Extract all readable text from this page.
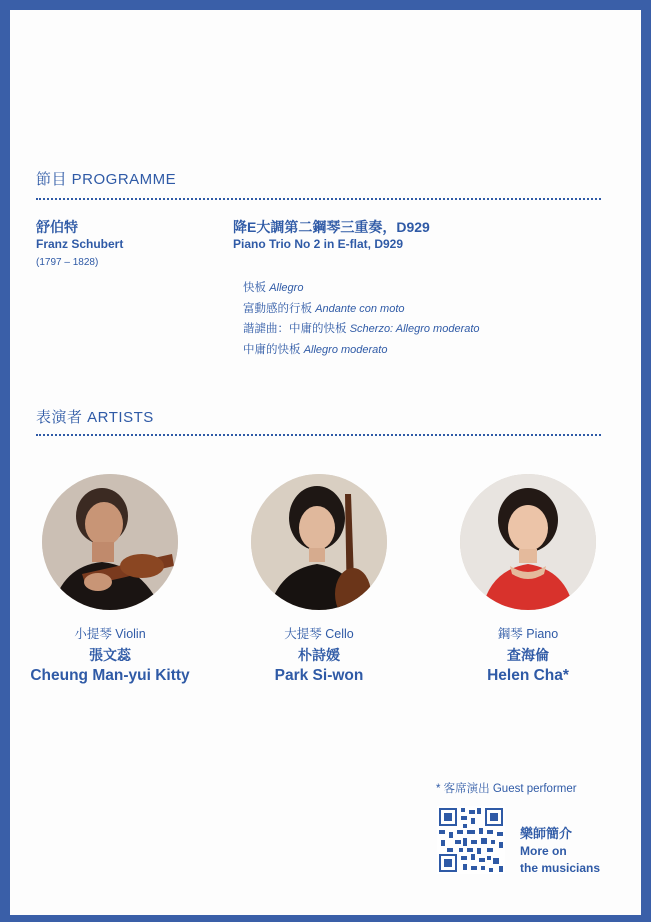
節目 PROGRAMME
舒伯特
Franz Schubert
(1797 – 1828)
降E大調第二鋼琴三重奏，D929
Piano Trio No 2 in E-flat, D929
快板 Allegro
富動感的行板 Andante con moto
諧謔曲：中庸的快板 Scherzo: Allegro moderato
中庸的快板 Allegro moderato
表演者 ARTISTS
小提琴 Violin
張文蕊
Cheung Man-yui Kitty
大提琴 Cello
朴詩媛
Park Si-won
鋼琴 Piano
查海倫
Helen Cha*
* 客席演出 Guest performer
樂師簡介
More on
the musicians
